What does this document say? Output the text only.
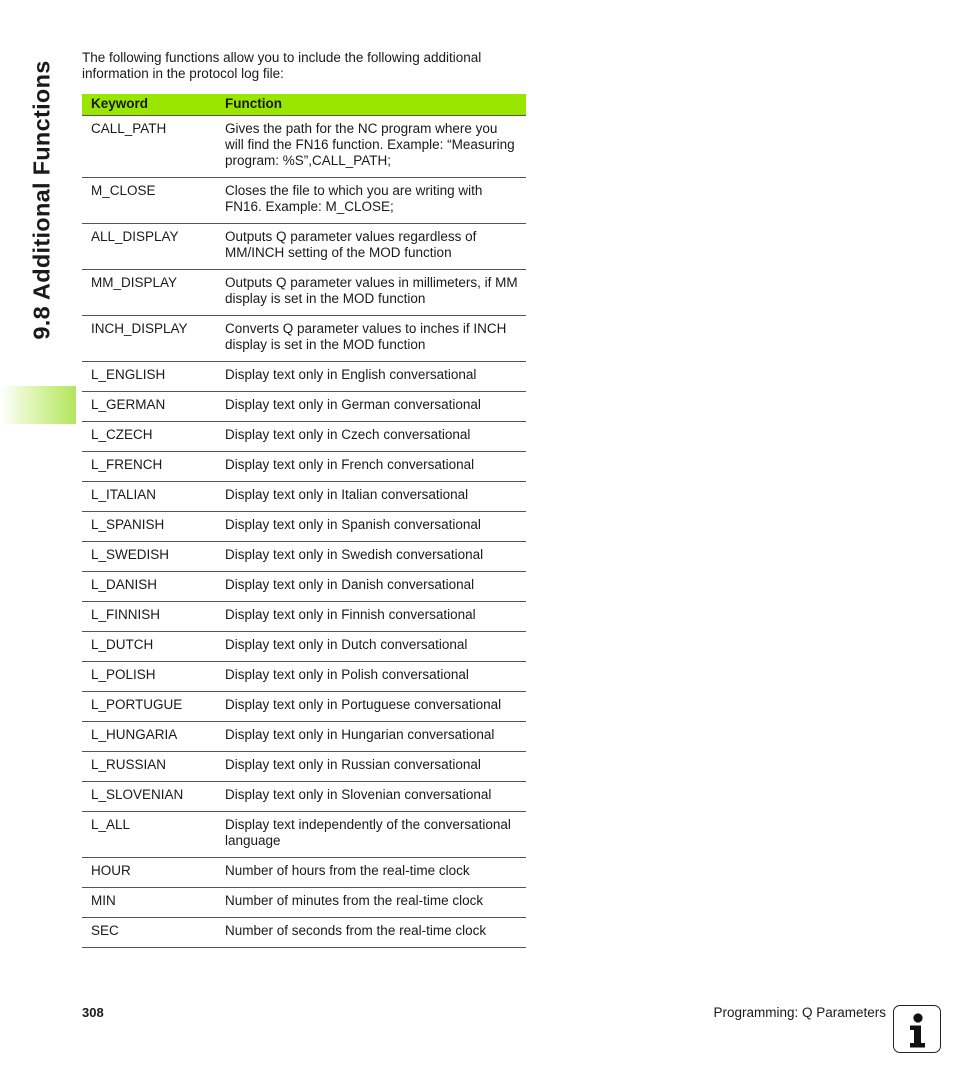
9.8 Additional Functions
The following functions allow you to include the following additional information in the protocol log file:
Keyword	Function
CALL_PATH	Gives the path for the NC program where you will find the FN16 function. Example: “Measuring program: %S”,CALL_PATH;
M_CLOSE	Closes the file to which you are writing with FN16. Example: M_CLOSE;
ALL_DISPLAY	Outputs Q parameter values regardless of MM/INCH setting of the MOD function
MM_DISPLAY	Outputs Q parameter values in millimeters, if MM display is set in the MOD function
INCH_DISPLAY	Converts Q parameter values to inches if INCH display is set in the MOD function
L_ENGLISH	Display text only in English conversational
L_GERMAN	Display text only in German conversational
L_CZECH	Display text only in Czech conversational
L_FRENCH	Display text only in French conversational
L_ITALIAN	Display text only in Italian conversational
L_SPANISH	Display text only in Spanish conversational
L_SWEDISH	Display text only in Swedish conversational
L_DANISH	Display text only in Danish conversational
L_FINNISH	Display text only in Finnish conversational
L_DUTCH	Display text only in Dutch conversational
L_POLISH	Display text only in Polish conversational
L_PORTUGUE	Display text only in Portuguese conversational
L_HUNGARIA	Display text only in Hungarian conversational
L_RUSSIAN	Display text only in Russian conversational
L_SLOVENIAN	Display text only in Slovenian conversational
L_ALL	Display text independently of the conversational language
HOUR	Number of hours from the real-time clock
MIN	Number of minutes from the real-time clock
SEC	Number of seconds from the real-time clock
308	Programming: Q Parameters
